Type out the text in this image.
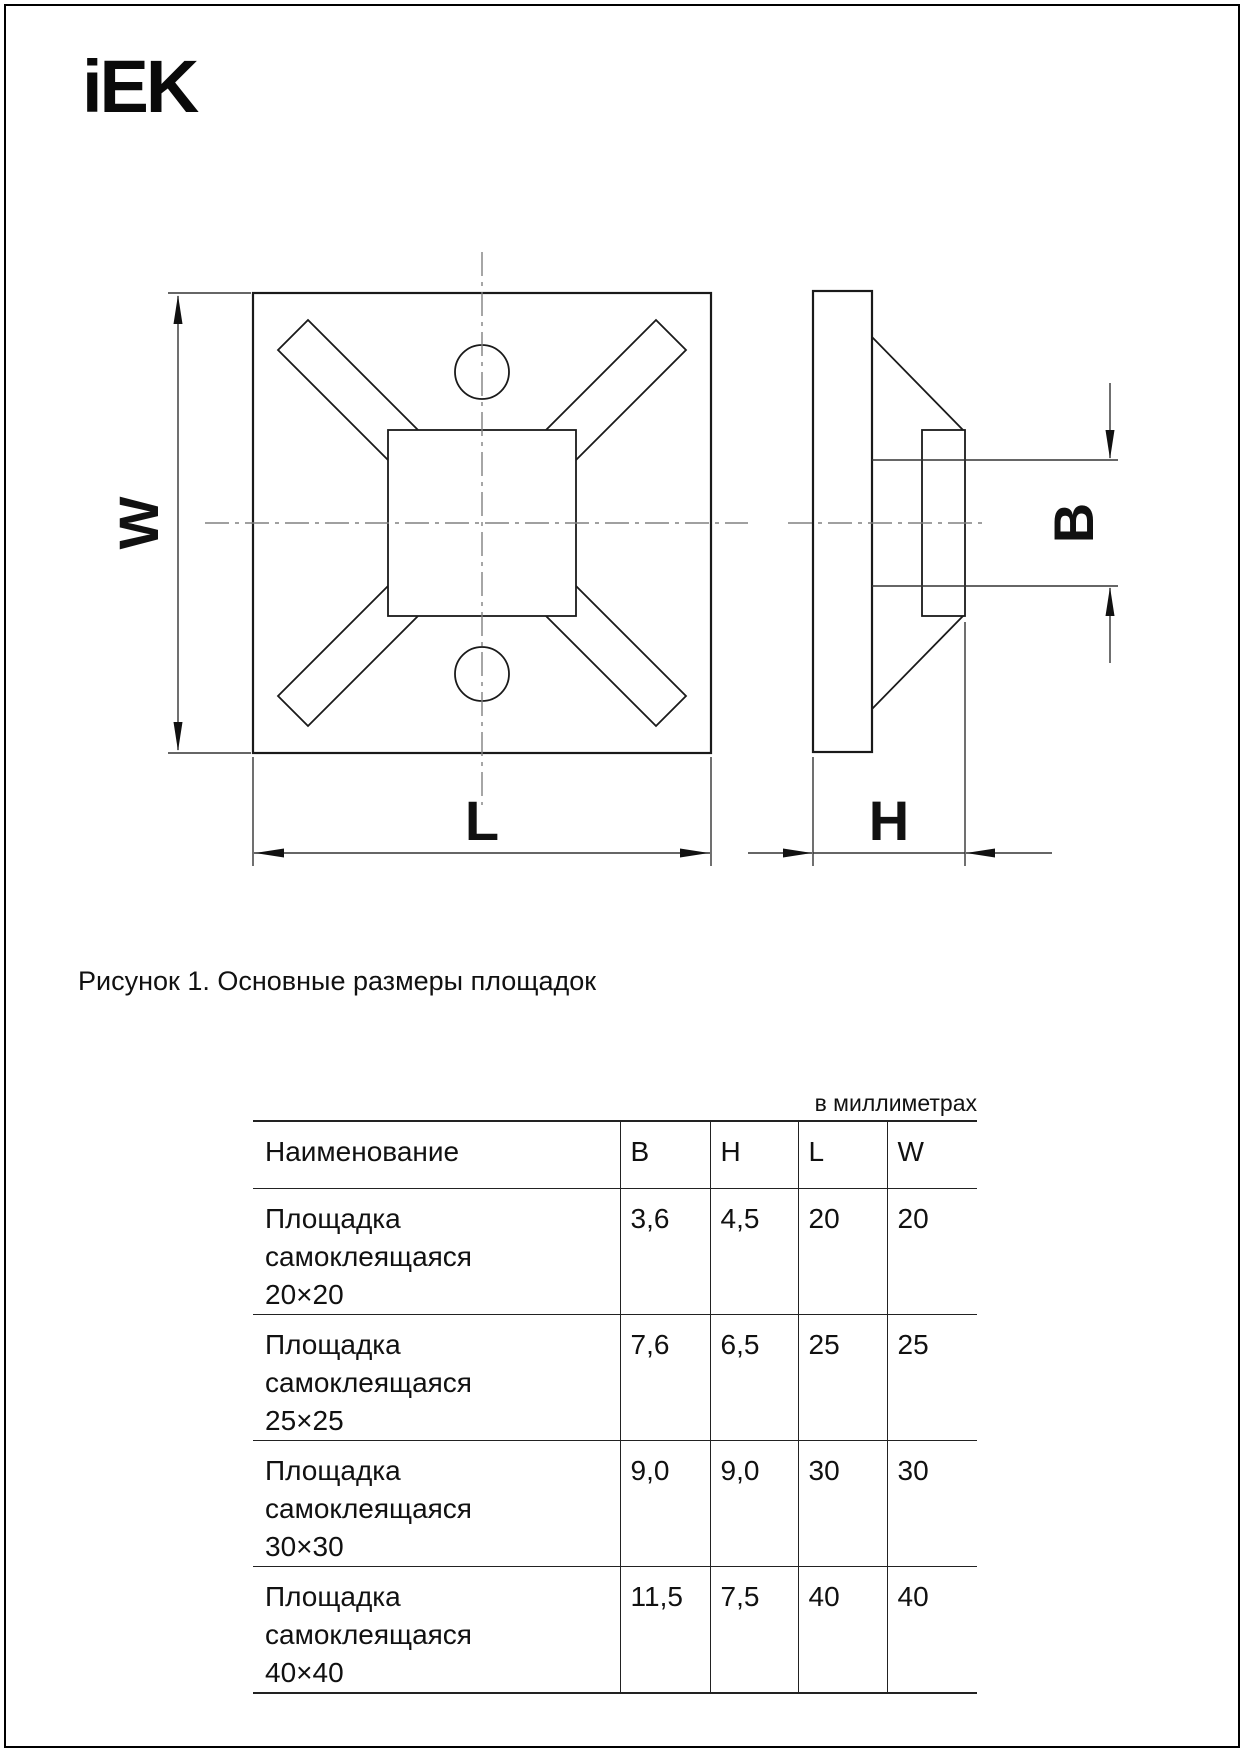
iEK
W
L	H
B
Рисунок 1. Основные размеры площадок
в миллиметрах
Наименование	B	H	L	W

Площадка самоклеящаяся
20×20	3,6	4,5	20	20

Площадка самоклеящаяся
25×25	7,6	6,5	25	25

Площадка самоклеящаяся
30×30	9,0	9,0	30	30

Площадка самоклеящаяся
40×40	11,5	7,5	40	40
